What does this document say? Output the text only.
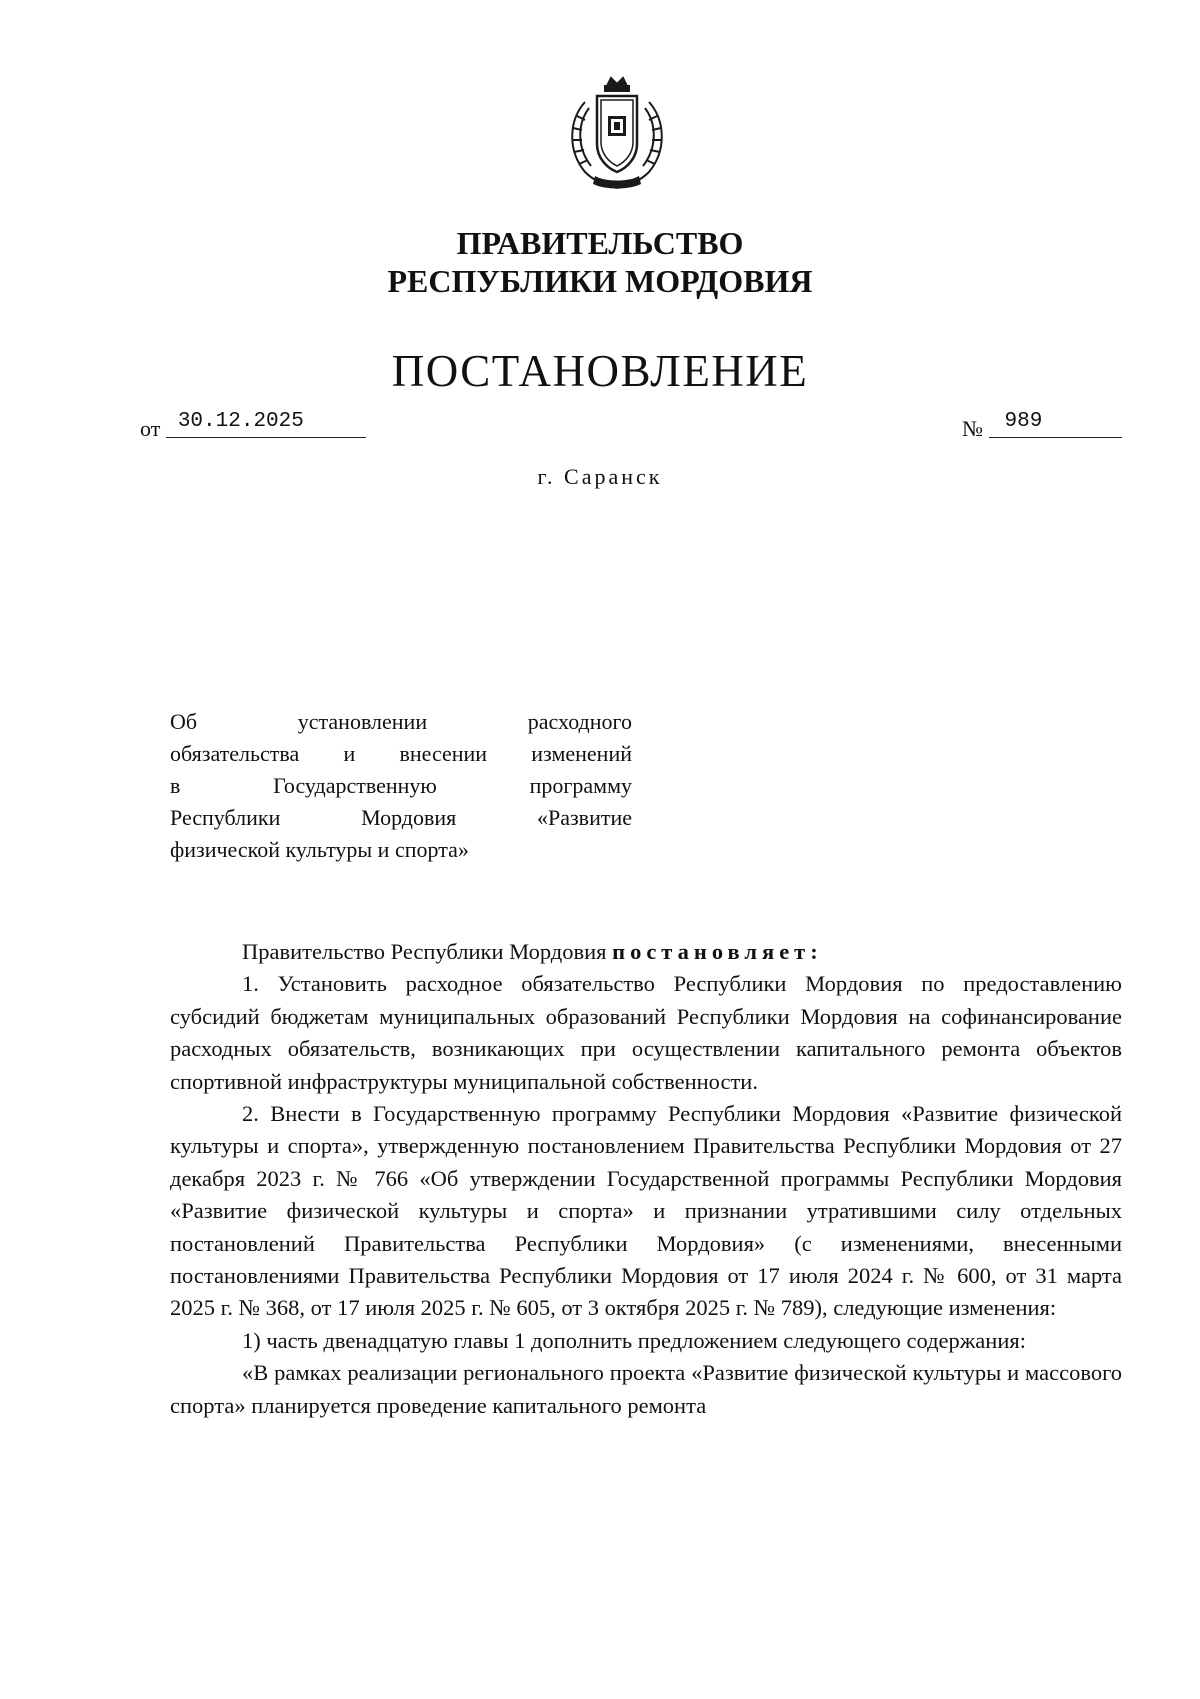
ПРАВИТЕЛЬСТВО
РЕСПУБЛИКИ МОРДОВИЯ
ПОСТАНОВЛЕНИЕ
от 30.12.2025	№ 989
г. Саранск
Об установлении расходного
обязательства и внесении изменений
в Государственную программу
Республики Мордовия «Развитие
физической культуры и спорта»

Правительство Республики Мордовия постановляет:

1. Установить расходное обязательство Республики Мордовия по предоставлению субсидий бюджетам муниципальных образований Республики Мордовия на софинансирование расходных обязательств, возникающих при осуществлении капитального ремонта объектов спортивной инфраструктуры муниципальной собственности.

2. Внести в Государственную программу Республики Мордовия «Развитие физической культуры и спорта», утвержденную постановлением Правительства Республики Мордовия от 27 декабря 2023 г. № 766 «Об утверждении Государственной программы Республики Мордовия «Развитие физической культуры и спорта» и признании утратившими силу отдельных постановлений Правительства Республики Мордовия» (с изменениями, внесенными постановлениями Правительства Республики Мордовия от 17 июля 2024 г. № 600, от 31 марта 2025 г. № 368, от 17 июля 2025 г. № 605, от 3 октября 2025 г. № 789), следующие изменения:

1) часть двенадцатую главы 1 дополнить предложением следующего содержания:

«В рамках реализации регионального проекта «Развитие физической культуры и массового спорта» планируется проведение капитального ремонта
